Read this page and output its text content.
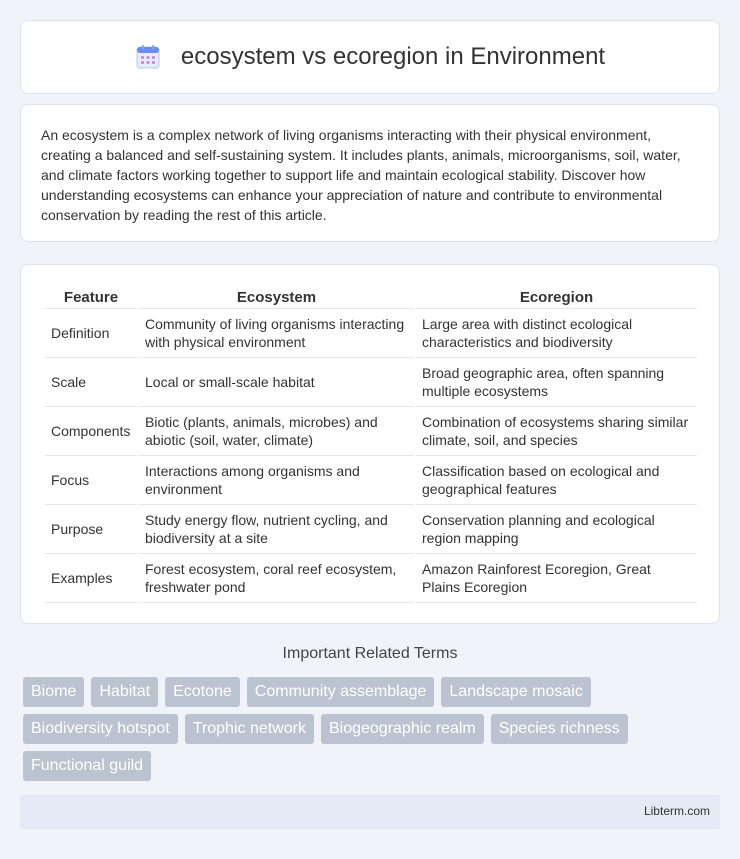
ecosystem vs ecoregion in Environment

An ecosystem is a complex network of living organisms interacting with their physical environment, creating a balanced and self-sustaining system. It includes plants, animals, microorganisms, soil, water, and climate factors working together to support life and maintain ecological stability. Discover how understanding ecosystems can enhance your appreciation of nature and contribute to environmental conservation by reading the rest of this article.

Feature	Ecosystem	Ecoregion
Definition	Community of living organisms interacting with physical environment	Large area with distinct ecological characteristics and biodiversity
Scale	Local or small-scale habitat	Broad geographic area, often spanning multiple ecosystems
Components	Biotic (plants, animals, microbes) and abiotic (soil, water, climate)	Combination of ecosystems sharing similar climate, soil, and species
Focus	Interactions among organisms and environment	Classification based on ecological and geographical features
Purpose	Study energy flow, nutrient cycling, and biodiversity at a site	Conservation planning and ecological region mapping
Examples	Forest ecosystem, coral reef ecosystem, freshwater pond	Amazon Rainforest Ecoregion, Great Plains Ecoregion
Important Related Terms
Biome	Habitat	Ecotone	Community assemblage	Landscape mosaic
Biodiversity hotspot	Trophic network	Biogeographic realm	Species richness
Functional guild
Libterm.com
